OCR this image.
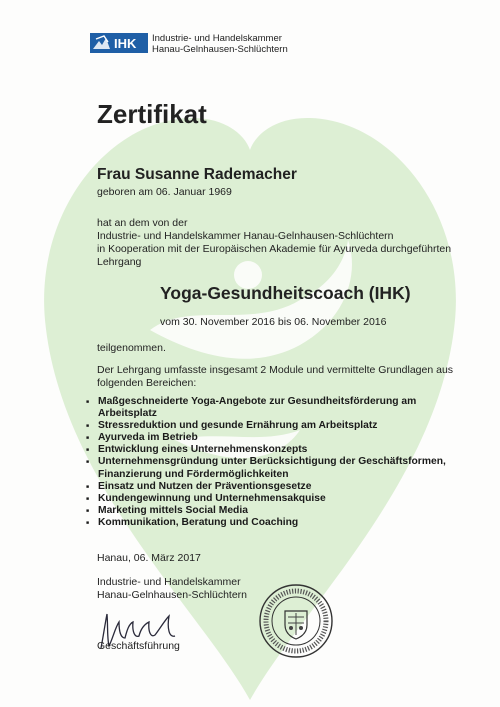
IHK Industrie- und Handelskammer
Hanau-Gelnhausen-Schlüchtern
Zertifikat
Frau Susanne Rademacher
geboren am 06. Januar 1969
hat an dem von der
Industrie- und Handelskammer Hanau-Gelnhausen-Schlüchtern
in Kooperation mit der Europäischen Akademie für Ayurveda durchgeführten
Lehrgang
Yoga-Gesundheitscoach (IHK)
vom 30. November 2016 bis 06. November 2016
teilgenommen.
Der Lehrgang umfasste insgesamt 2 Module und vermittelte Grundlagen aus
folgenden Bereichen:
■ Maßgeschneiderte Yoga-Angebote zur Gesundheitsförderung am
Arbeitsplatz
■ Stressreduktion und gesunde Ernährung am Arbeitsplatz
■ Ayurveda im Betrieb
■ Entwicklung eines Unternehmenskonzepts
■ Unternehmensgründung unter Berücksichtigung der Geschäftsformen,
Finanzierung und Fördermöglichkeiten
■ Einsatz und Nutzen der Präventionsgesetze
■ Kundengewinnung und Unternehmensakquise
■ Marketing mittels Social Media
■ Kommunikation, Beratung und Coaching
Hanau, 06. März 2017
Industrie- und Handelskammer
Hanau-Gelnhausen-Schlüchtern
Geschäftsführung
